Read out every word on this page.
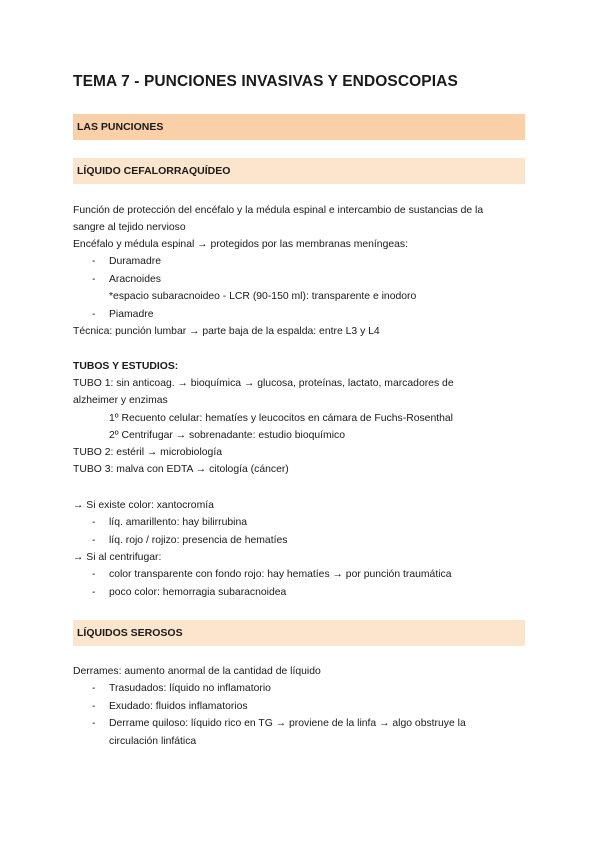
TEMA 7 - PUNCIONES INVASIVAS Y ENDOSCOPIAS
LAS PUNCIONES
LÍQUIDO CEFALORRAQUÍDEO
Función de protección del encéfalo y la médula espinal e intercambio de sustancias de la
sangre al tejido nervioso
Encéfalo y médula espinal → protegidos por las membranas meníngeas:
- Duramadre
- Aracnoides
*espacio subaracnoideo - LCR (90-150 ml): transparente e inodoro
- Piamadre
Técnica: punción lumbar → parte baja de la espalda: entre L3 y L4
TUBOS Y ESTUDIOS:
TUBO 1: sin anticoag. → bioquímica → glucosa, proteínas, lactato, marcadores de
alzheimer y enzimas
1º Recuento celular: hematíes y leucocitos en cámara de Fuchs-Rosenthal
2º Centrifugar → sobrenadante: estudio bioquímico
TUBO 2: estéril → microbiología
TUBO 3: malva con EDTA → citología (cáncer)
→ Si existe color: xantocromía
- líq. amarillento: hay bilirrubina
- líq. rojo / rojizo: presencia de hematíes
→ Si al centrifugar:
- color transparente con fondo rojo: hay hematíes → por punción traumática
- poco color: hemorragia subaracnoidea
LÍQUIDOS SEROSOS
Derrames: aumento anormal de la cantidad de líquido
- Trasudados: líquido no inflamatorio
- Exudado: fluidos inflamatorios
- Derrame quiloso: líquido rico en TG → proviene de la linfa → algo obstruye la
circulación linfática
